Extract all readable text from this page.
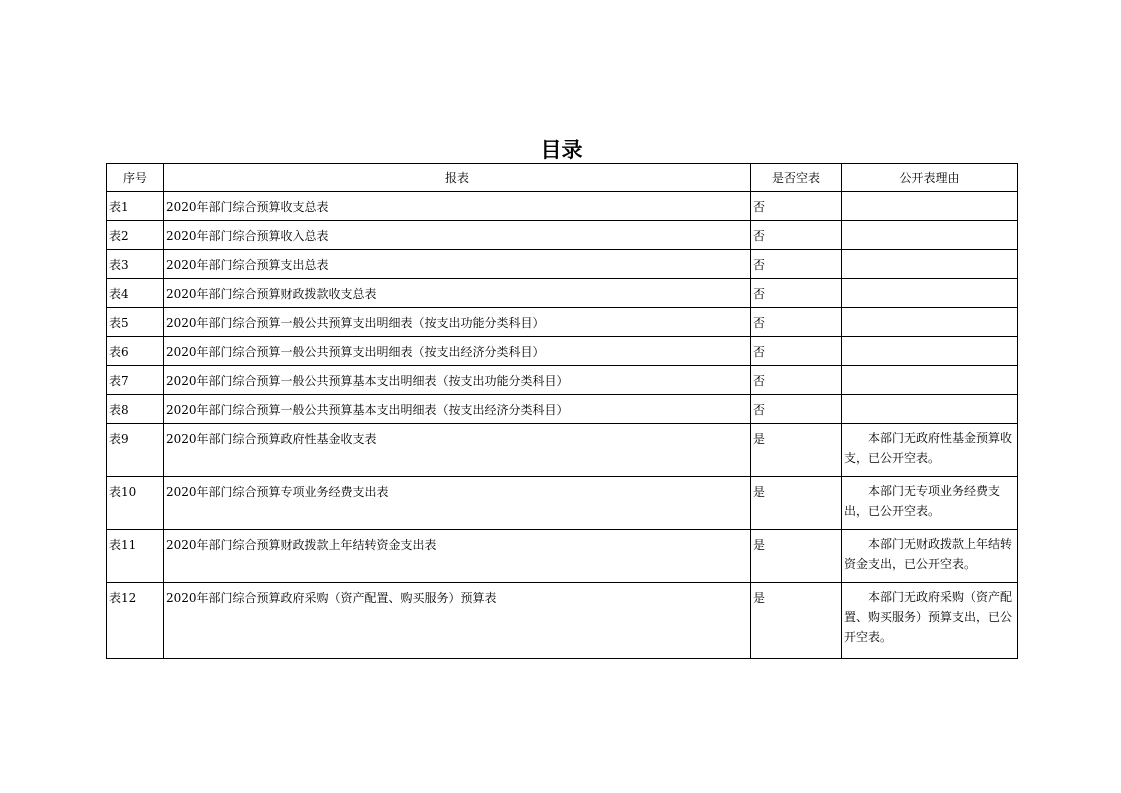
目录
序号	报表	是否空表	公开表理由
表1	2020年部门综合预算收支总表	否	
表2	2020年部门综合预算收入总表	否	
表3	2020年部门综合预算支出总表	否	
表4	2020年部门综合预算财政拨款收支总表	否	
表5	2020年部门综合预算一般公共预算支出明细表（按支出功能分类科目）	否	
表6	2020年部门综合预算一般公共预算支出明细表（按支出经济分类科目）	否	
表7	2020年部门综合预算一般公共预算基本支出明细表（按支出功能分类科目）	否	
表8	2020年部门综合预算一般公共预算基本支出明细表（按支出经济分类科目）	否	
表9	2020年部门综合预算政府性基金收支表	是	本部门无政府性基金预算收支，已公开空表。
表10	2020年部门综合预算专项业务经费支出表	是	本部门无专项业务经费支出，已公开空表。
表11	2020年部门综合预算财政拨款上年结转资金支出表	是	本部门无财政拨款上年结转资金支出，已公开空表。
表12	2020年部门综合预算政府采购（资产配置、购买服务）预算表	是	本部门无政府采购（资产配置、购买服务）预算支出，已公开空表。
